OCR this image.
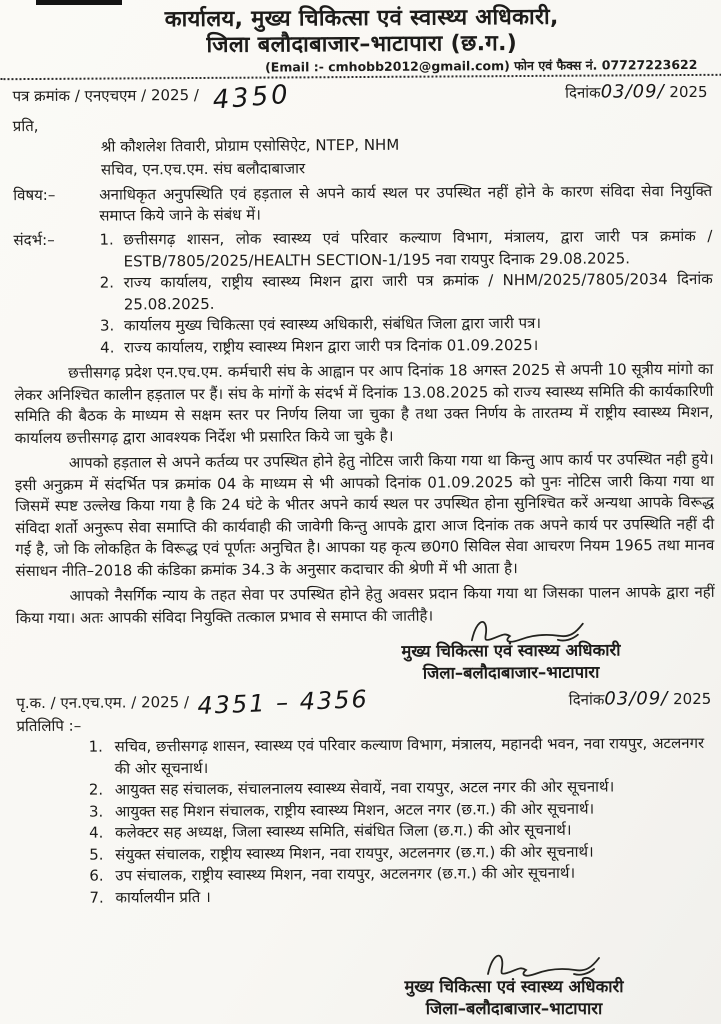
कार्यालय, मुख्य चिकित्सा एवं स्वास्थ्य अधिकारी,
जिला बलौदाबाजार–भाटापारा (छ.ग.)
(Email :- cmhobb2012@gmail.com) फोन एवं फैक्स नं. 07727223622
पत्र क्रमांक / एनएचएम / 2025 / 4350	दिनांक03/09/ 2025
प्रति,
श्री कौशलेश तिवारी, प्रोग्राम एसोसिऐट, NTEP, NHM
सचिव, एन.एच.एम. संघ बलौदाबाजार
विषय:–	अनाधिकृत अनुपस्थिति एवं हड़ताल से अपने कार्य स्थल पर उपस्थित नहीं होने के कारण संविदा सेवा नियुक्ति समाप्त किये जाने के संबंध में।
संदर्भ:–	1. छत्तीसगढ़ शासन, लोक स्वास्थ्य एवं परिवार कल्याण विभाग, मंत्रालय, द्वारा जारी पत्र क्रमांक / ESTB/7805/2025/HEALTH SECTION-1/195 नवा रायपुर दिनाक 29.08.2025.
2. राज्य कार्यालय, राष्ट्रीय स्वास्थ्य मिशन द्वारा जारी पत्र क्रमांक / NHM/2025/7805/2034 दिनांक 25.08.2025.
3. कार्यालय मुख्य चिकित्सा एवं स्वास्थ्य अधिकारी, संबंधित जिला द्वारा जारी पत्र।
4. राज्य कार्यालय, राष्ट्रीय स्वास्थ्य मिशन द्वारा जारी पत्र दिनांक 01.09.2025।
छत्तीसगढ़ प्रदेश एन.एच.एम. कर्मचारी संघ के आह्वान पर आप दिनांक 18 अगस्त 2025 से अपनी 10 सूत्रीय मांगो का लेकर अनिश्चित कालीन हड़ताल पर हैं। संघ के मांगों के संदर्भ में दिनांक 13.08.2025 को राज्य स्वास्थ्य समिति की कार्यकारिणी समिति की बैठक के माध्यम से सक्षम स्तर पर निर्णय लिया जा चुका है तथा उक्त निर्णय के तारतम्य में राष्ट्रीय स्वास्थ्य मिशन, कार्यालय छत्तीसगढ़ द्वारा आवश्यक निर्देश भी प्रसारित किये जा चुके है।
आपको हड़ताल से अपने कर्तव्य पर उपस्थित होने हेतु नोटिस जारी किया गया था किन्तु आप कार्य पर उपस्थित नही हुये। इसी अनुक्रम में संदर्भित पत्र क्रमांक 04 के माध्यम से भी आपको दिनांक 01.09.2025 को पुनः नोटिस जारी किया गया था जिसमें स्पष्ट उल्लेख किया गया है कि 24 घंटे के भीतर अपने कार्य स्थल पर उपस्थित होना सुनिश्चित करें अन्यथा आपके विरूद्ध संविदा शर्तो अनुरूप सेवा समाप्ति की कार्यवाही की जावेगी किन्तु आपके द्वारा आज दिनांक तक अपने कार्य पर उपस्थिति नहीं दी गई है, जो कि लोकहित के विरूद्ध एवं पूर्णतः अनुचित है। आपका यह कृत्य छ0ग0 सिविल सेवा आचरण नियम 1965 तथा मानव संसाधन नीति–2018 की कंडिका क्रमांक 34.3 के अनुसार कदाचार की श्रेणी में भी आता है।
आपको नैसर्गिक न्याय के तहत सेवा पर उपस्थित होने हेतु अवसर प्रदान किया गया था जिसका पालन आपके द्वारा नहीं किया गया। अतः आपकी संविदा नियुक्ति तत्काल प्रभाव से समाप्त की जातीहै।
मुख्य चिकित्सा एवं स्वास्थ्य अधिकारी
जिला–बलौदाबाजार–भाटापारा
पृ.क. / एन.एच.एम. / 2025 / 4351 – 4356	दिनांक03/09/ 2025
प्रतिलिपि :–
1. सचिव, छत्तीसगढ़ शासन, स्वास्थ्य एवं परिवार कल्याण विभाग, मंत्रालय, महानदी भवन, नवा रायपुर, अटलनगर की ओर सूचनार्थ।
2. आयुक्त सह संचालक, संचालनालय स्वास्थ्य सेवायें, नवा रायपुर, अटल नगर की ओर सूचनार्थ।
3. आयुक्त सह मिशन संचालक, राष्ट्रीय स्वास्थ्य मिशन, अटल नगर (छ.ग.) की ओर सूचनार्थ।
4. कलेक्टर सह अध्यक्ष, जिला स्वास्थ्य समिति, संबंधित जिला (छ.ग.) की ओर सूचनार्थ।
5. संयुक्त संचालक, राष्ट्रीय स्वास्थ्य मिशन, नवा रायपुर, अटलनगर (छ.ग.) की ओर सूचनार्थ।
6. उप संचालक, राष्ट्रीय स्वास्थ्य मिशन, नवा रायपुर, अटलनगर (छ.ग.) की ओर सूचनार्थ।
7. कार्यालयीन प्रति ।
मुख्य चिकित्सा एवं स्वास्थ्य अधिकारी
जिला–बलौदाबाजार–भाटापारा
